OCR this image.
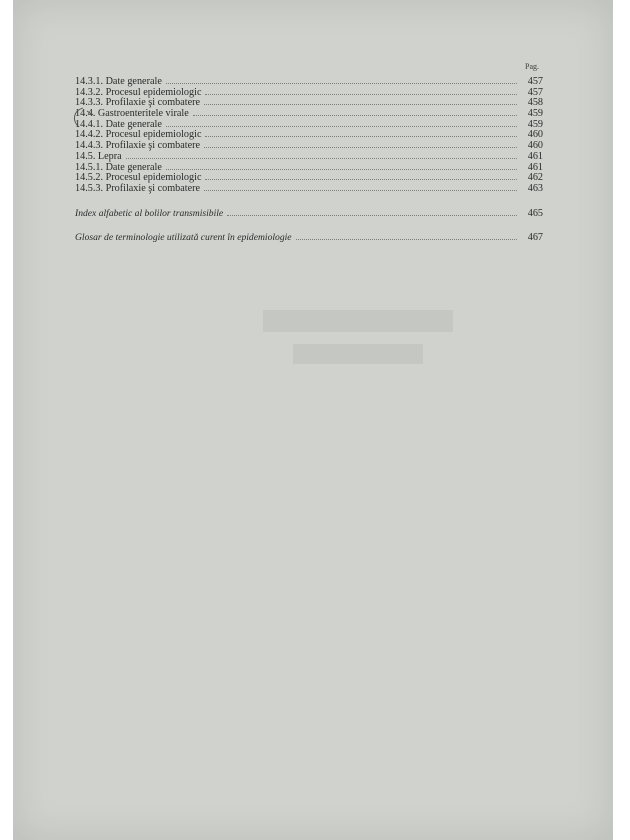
Pag.
14.3.1. Date generale	457
14.3.2. Procesul epidemiologic	457
14.3.3. Profilaxie şi combatere	458
14.4. Gastroenteritele virale	459
14.4.1. Date generale	459
14.4.2. Procesul epidemiologic	460
14.4.3. Profilaxie şi combatere	460
14.5. Lepra	461
14.5.1. Date generale	461
14.5.2. Procesul epidemiologic	462
14.5.3. Profilaxie şi combatere	463
Index alfabetic al bolilor transmisibile	465
Glosar de terminologie utilizată curent în epidemiologie	467
